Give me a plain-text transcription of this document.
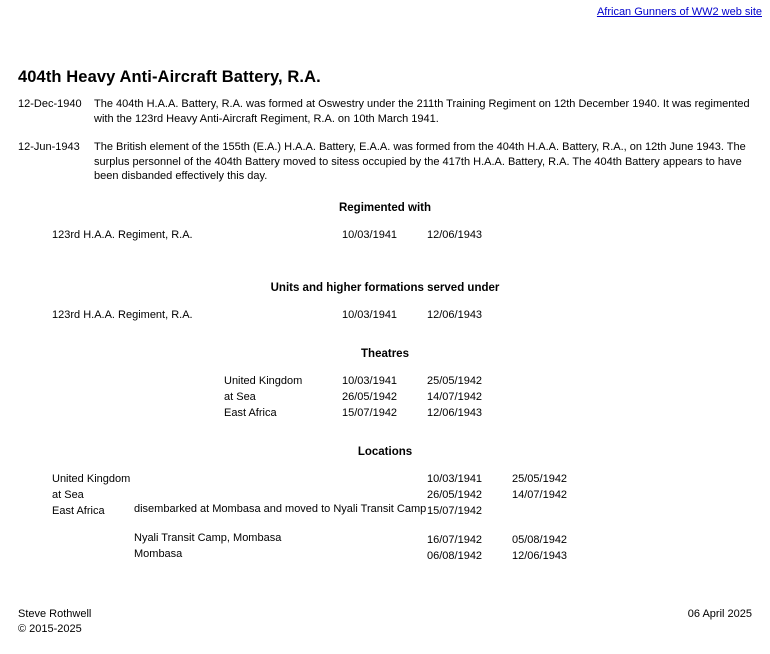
African Gunners of WW2 web site
404th Heavy Anti-Aircraft Battery, R.A.
12-Dec-1940	The 404th H.A.A. Battery, R.A. was formed at Oswestry under the 211th Training Regiment on 12th December 1940. It was regimented with the 123rd Heavy Anti-Aircraft Regiment, R.A. on 10th March 1941.
12-Jun-1943	The British element of the 155th (E.A.) H.A.A. Battery, E.A.A. was formed from the 404th H.A.A. Battery, R.A., on 12th June 1943. The surplus personnel of the 404th Battery moved to sitess occupied by the 417th H.A.A. Battery, R.A. The 404th Battery appears to have been disbanded effectively this day.
Regimented with
123rd H.A.A. Regiment, R.A.	10/03/1941	12/06/1943
Units and higher formations served under
123rd H.A.A. Regiment, R.A.	10/03/1941	12/06/1943
Theatres
United Kingdom	10/03/1941	25/05/1942
at Sea	26/05/1942	14/07/1942
East Africa	15/07/1942	12/06/1943
Locations
United Kingdom	10/03/1941	25/05/1942
at Sea	26/05/1942	14/07/1942
East Africa	disembarked at Mombasa and moved to Nyali Transit Camp 15/07/1942
Nyali Transit Camp, Mombasa	16/07/1942	05/08/1942
Mombasa	06/08/1942	12/06/1943
Steve Rothwell	06 April 2025
© 2015-2025
